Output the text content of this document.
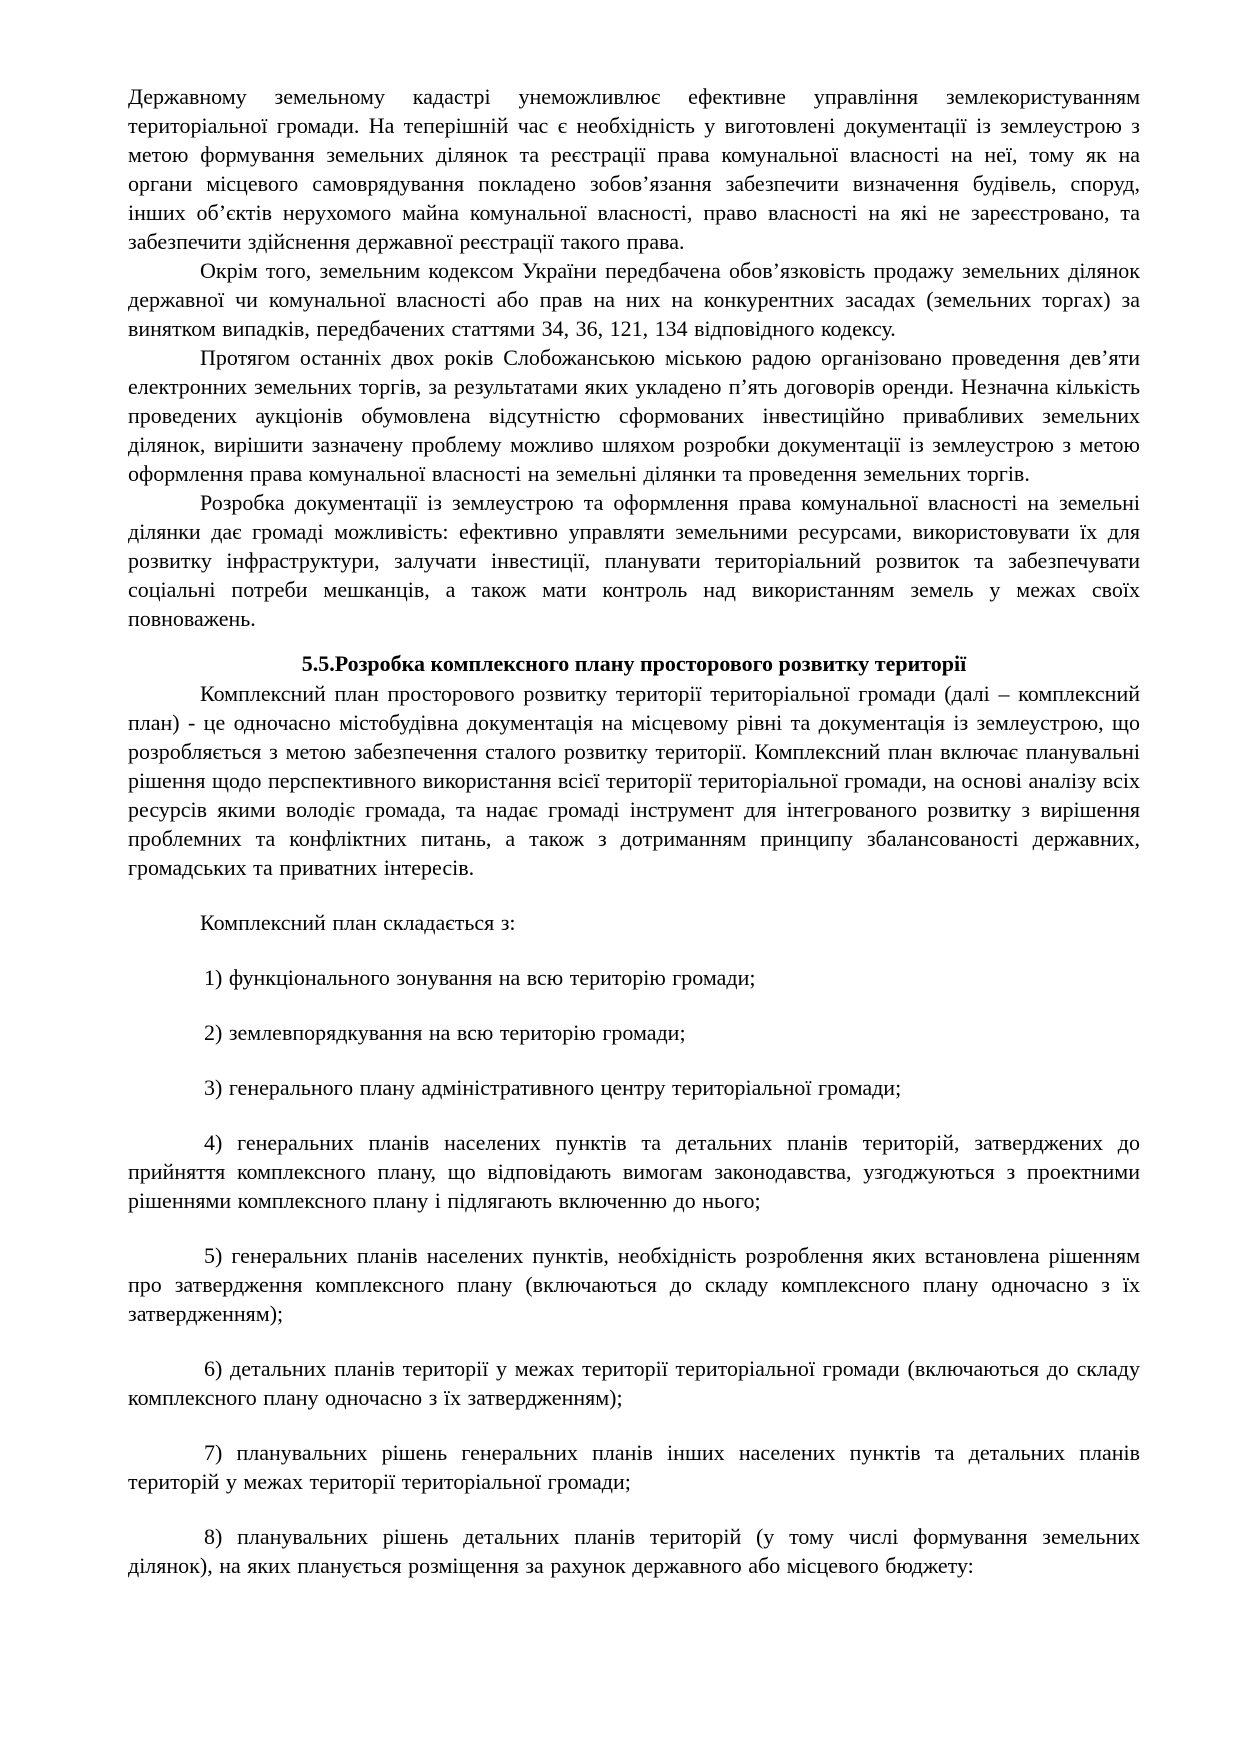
Державному земельному кадастрі унеможливлює ефективне управління землекористуванням територіальної громади. На теперішній час є необхідність у виготовлені документації із землеустрою з метою формування земельних ділянок та реєстрації права комунальної власності на неї, тому як на органи місцевого самоврядування покладено зобов’язання забезпечити визначення будівель, споруд, інших об’єктів нерухомого майна комунальної власності, право власності на які не зареєстровано, та забезпечити здійснення державної реєстрації такого права.

Окрім того, земельним кодексом України передбачена обов’язковість продажу земельних ділянок державної чи комунальної власності або прав на них на конкурентних засадах (земельних торгах) за винятком випадків, передбачених статтями 34, 36, 121, 134 відповідного кодексу.

Протягом останніх двох років Слобожанською міською радою організовано проведення дев’яти електронних земельних торгів, за результатами яких укладено п’ять договорів оренди. Незначна кількість проведених аукціонів обумовлена відсутністю сформованих інвестиційно привабливих земельних ділянок, вирішити зазначену проблему можливо шляхом розробки документації із землеустрою з метою оформлення права комунальної власності на земельні ділянки та проведення земельних торгів.

Розробка документації із землеустрою та оформлення права комунальної власності на земельні ділянки дає громаді можливість: ефективно управляти земельними ресурсами, використовувати їх для розвитку інфраструктури, залучати інвестиції, планувати територіальний розвиток та забезпечувати соціальні потреби мешканців, а також мати контроль над використанням земель у межах своїх повноважень.

5.5.Розробка комплексного плану просторового розвитку території

Комплексний план просторового розвитку території територіальної громади (далі – комплексний план) - це одночасно містобудівна документація на місцевому рівні та документація із землеустрою, що розробляється з метою забезпечення сталого розвитку території. Комплексний план включає планувальні рішення щодо перспективного використання всієї території територіальної громади, на основі аналізу всіх ресурсів якими володіє громада, та надає громаді інструмент для інтегрованого розвитку з вирішення проблемних та конфліктних питань, а також з дотриманням принципу збалансованості державних, громадських та приватних інтересів.

Комплексний план складається з:

1) функціонального зонування на всю територію громади;

2) землевпорядкування на всю територію громади;

3) генерального плану адміністративного центру територіальної громади;

4) генеральних планів населених пунктів та детальних планів територій, затверджених до прийняття комплексного плану, що відповідають вимогам законодавства, узгоджуються з проектними рішеннями комплексного плану і підлягають включенню до нього;

5) генеральних планів населених пунктів, необхідність розроблення яких встановлена рішенням про затвердження комплексного плану (включаються до складу комплексного плану одночасно з їх затвердженням);

6) детальних планів території у межах території територіальної громади (включаються до складу комплексного плану одночасно з їх затвердженням);

7) планувальних рішень генеральних планів інших населених пунктів та детальних планів територій у межах території територіальної громади;

8) планувальних рішень детальних планів територій (у тому числі формування земельних ділянок), на яких планується розміщення за рахунок державного або місцевого бюджету:
